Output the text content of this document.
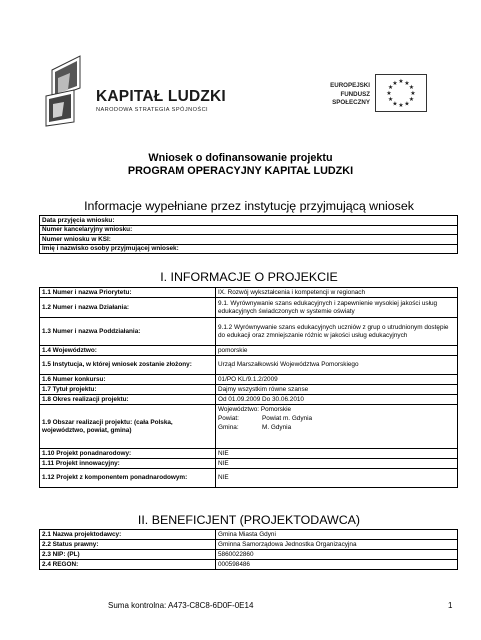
KAPITAŁ LUDZKI
NARODOWA STRATEGIA SPÓJNOŚCI
EUROPEJSKI
FUNDUSZ SPOŁECZNY
★
★
★
★
★
★
★
★
★ ★ ★
★
Wniosek o dofinansowanie projektu
PROGRAM OPERACYJNY KAPITAŁ LUDZKI
Informacje wypełniane przez instytucję przyjmującą wniosek
Data przyjęcia wniosku:
Numer kancelaryjny wniosku:
Numer wniosku w KSI:
Imię i nazwisko osoby przyjmującej wniosek:
I. INFORMACJE O PROJEKCIE
1.1 Numer i nazwa Priorytetu:	IX. Rozwój wykształcenia i kompetencji w regionach
1.2 Numer i nazwa Działania:	9.1. Wyrównywanie szans edukacyjnych i zapewnienie wysokiej jakości usług edukacyjnych świadczonych w systemie oświaty
1.3 Numer i nazwa Poddziałania:	9.1.2 Wyrównywanie szans edukacyjnych uczniów z grup o utrudnionym dostępie do edukacji oraz zmniejszanie różnic w jakości usług edukacyjnych
1.4 Województwo:	pomorskie
1.5 Instytucja, w której wniosek zostanie złożony:	Urząd Marszałkowski Województwa Pomorskiego
1.6 Numer konkursu:	01/PO KL/9.1.2/2009
1.7 Tytuł projektu:	Dajmy wszystkim równe szanse
1.8 Okres realizacji projektu:	Od 01.09.2009 Do 30.06.2010
1.9 Obszar realizacji projektu: (cała Polska, województwo, powiat, gmina)	Województwo: Pomorskie
Powiat: Powiat m. Gdynia
Gmina: M. Gdynia

1.10 Projekt ponadnarodowy:	NIE
1.11 Projekt innowacyjny:	NIE
1.12 Projekt z komponentem ponadnarodowym:	NIE
II. BENEFICJENT (PROJEKTODAWCA)
2.1 Nazwa projektodawcy:	Gmina Miasta Gdyni
2.2 Status prawny:	Gminna Samorządowa Jednostka Organizacyjna
2.3 NIP: (PL)	5860022860
2.4 REGON:	000598486
Suma kontrolna: A473-C8C8-6D0F-0E14	1
